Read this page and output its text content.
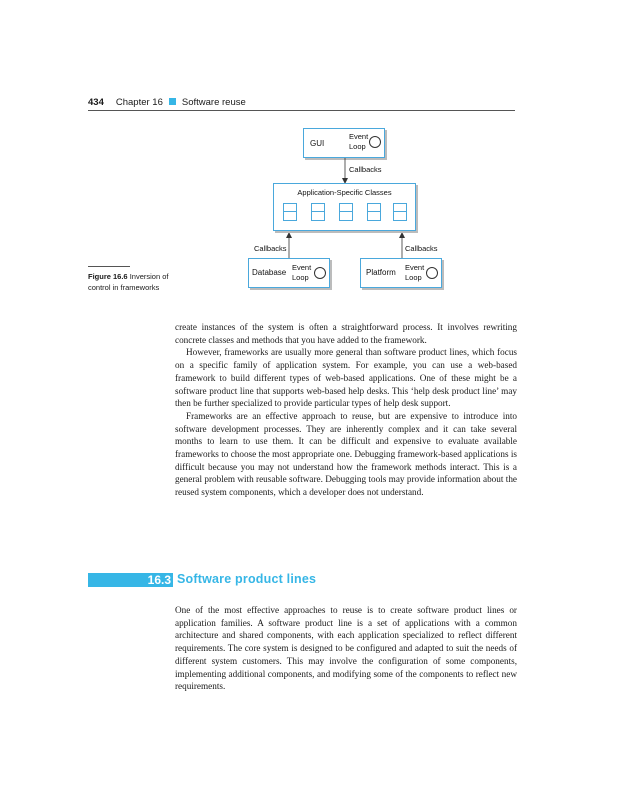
434 Chapter 16 Software reuse
GUI
Event
Loop
Callbacks
Application-Specific Classes
Callbacks	Callbacks
Database
Event
Loop
Platform
Event
Loop
Figure 16.6 Inversion of control in frameworks

create instances of the system is often a straightforward process. It involves rewriting concrete classes and methods that you have added to the framework.

However, frameworks are usually more general than software product lines, which focus on a specific family of application system. For example, you can use a web-based framework to build different types of web-based applications. One of these might be a software product line that supports web-based help desks. This ‘help desk product line’ may then be further specialized to provide particular types of help desk support.

Frameworks are an effective approach to reuse, but are expensive to introduce into software development processes. They are inherently complex and it can take several months to learn to use them. It can be difficult and expensive to evaluate available frameworks to choose the most appropriate one. Debugging framework-based applications is difficult because you may not understand how the framework methods interact. This is a general problem with reusable software. Debugging tools may provide information about the reused system components, which a developer does not understand.

16.3 Software product lines

One of the most effective approaches to reuse is to create software product lines or application families. A software product line is a set of applications with a common architecture and shared components, with each application specialized to reflect different requirements. The core system is designed to be configured and adapted to suit the needs of different system customers. This may involve the configuration of some components, implementing additional components, and modifying some of the components to reflect new requirements.
